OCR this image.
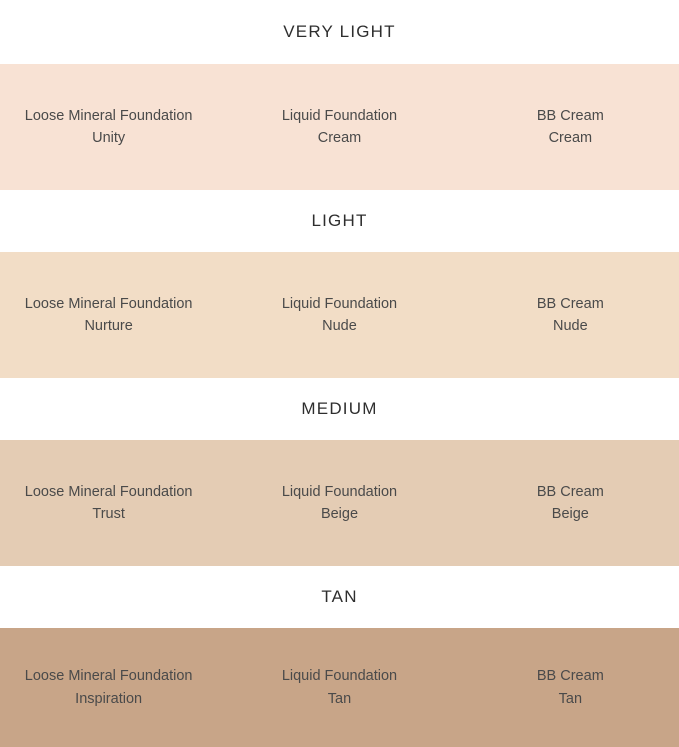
VERY LIGHT
Loose Mineral Foundation
Unity
Liquid Foundation
Cream
BB Cream
Cream
LIGHT
Loose Mineral Foundation
Nurture
Liquid Foundation
Nude
BB Cream
Nude
MEDIUM
Loose Mineral Foundation
Trust
Liquid Foundation
Beige
BB Cream
Beige
TAN
Loose Mineral Foundation
Inspiration
Liquid Foundation
Tan
BB Cream
Tan
